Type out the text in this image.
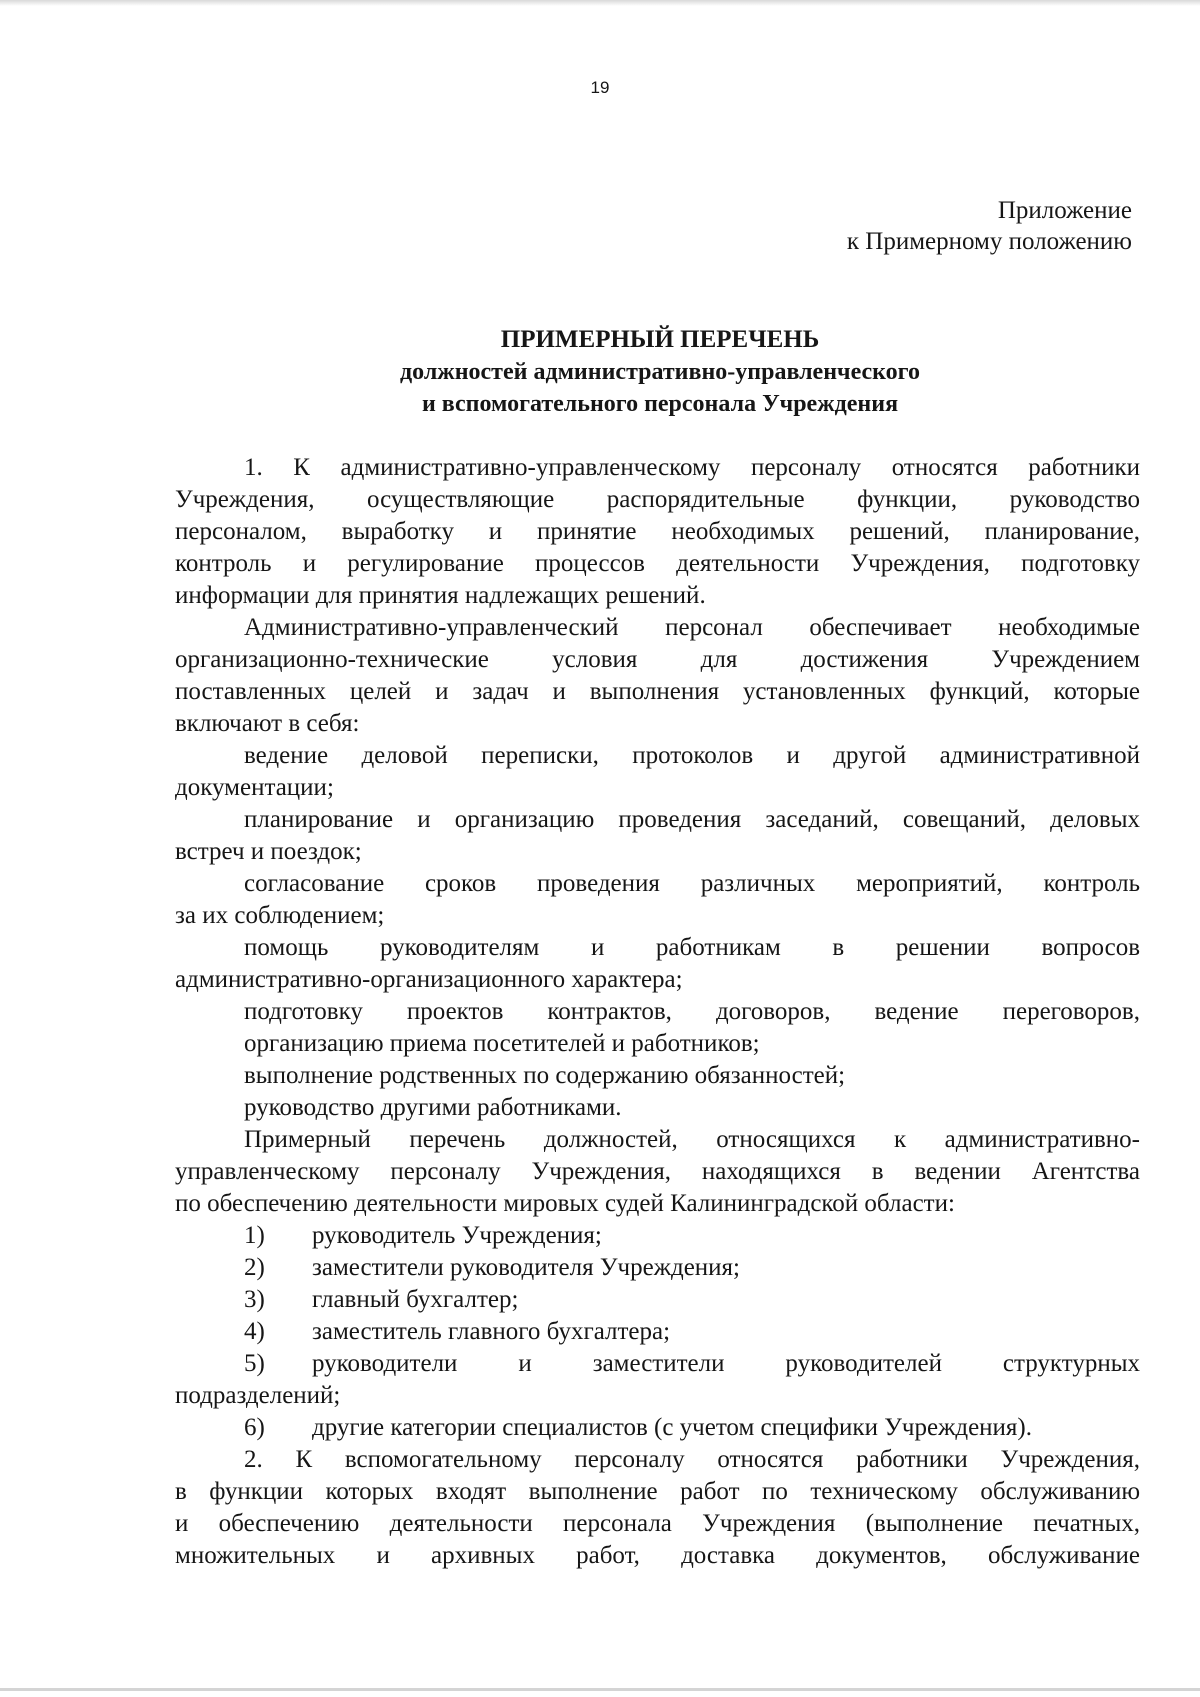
19
Приложение
к Примерному положению
ПРИМЕРНЫЙ ПЕРЕЧЕНЬ
должностей административно-управленческого
и вспомогательного персонала Учреждения
1. К административно-управленческому персоналу относятся работники
Учреждения, осуществляющие распорядительные функции, руководство
персоналом, выработку и принятие необходимых решений, планирование,
контроль и регулирование процессов деятельности Учреждения, подготовку
информации для принятия надлежащих решений.
Административно-управленческий персонал обеспечивает необходимые
организационно-технические условия для достижения Учреждением
поставленных целей и задач и выполнения установленных функций, которые
включают в себя:
ведение деловой переписки, протоколов и другой административной
документации;
планирование и организацию проведения заседаний, совещаний, деловых
встреч и поездок;
согласование сроков проведения различных мероприятий, контроль
за их соблюдением;
помощь руководителям и работникам в решении вопросов
административно-организационного характера;
подготовку проектов контрактов, договоров, ведение переговоров,
организацию приема посетителей и работников;
выполнение родственных по содержанию обязанностей;
руководство другими работниками.
Примерный перечень должностей, относящихся к административно-
управленческому персоналу Учреждения, находящихся в ведении Агентства
по обеспечению деятельности мировых судей Калининградской области:
1) руководитель Учреждения;
2) заместители руководителя Учреждения;
3) главный бухгалтер;
4) заместитель главного бухгалтера;
5) руководители и заместители руководителей структурных
подразделений;
6) другие категории специалистов (с учетом специфики Учреждения).
2. К вспомогательному персоналу относятся работники Учреждения,
в функции которых входят выполнение работ по техническому обслуживанию
и обеспечению деятельности персонала Учреждения (выполнение печатных,
множительных и архивных работ, доставка документов, обслуживание
